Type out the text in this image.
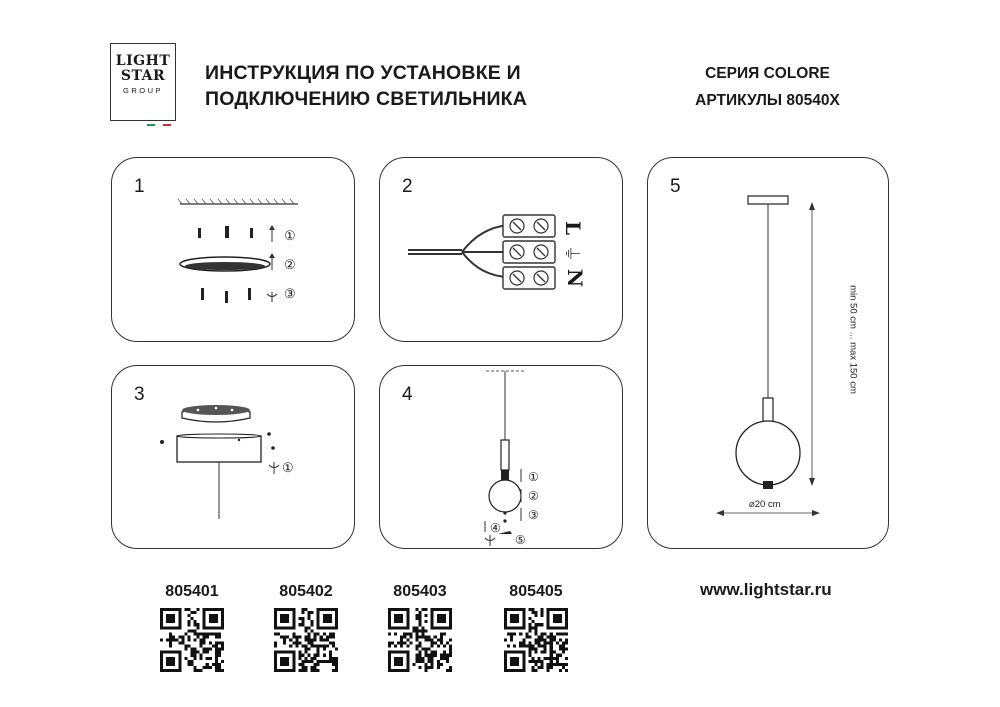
LIGHT
STAR
GROUP
ИНСТРУКЦИЯ ПО УСТАНОВКЕ И
ПОДКЛЮЧЕНИЮ СВЕТИЛЬНИКА
СЕРИЯ COLORE
АРТИКУЛЫ 80540X
1
①
②
③
2
L
⏚
N
3
①
4
①
②
③
④
⑤
5
min 50 cm ... max 150 cm
⌀20 cm
805401	805402	805403	805405	www.lightstar.ru
